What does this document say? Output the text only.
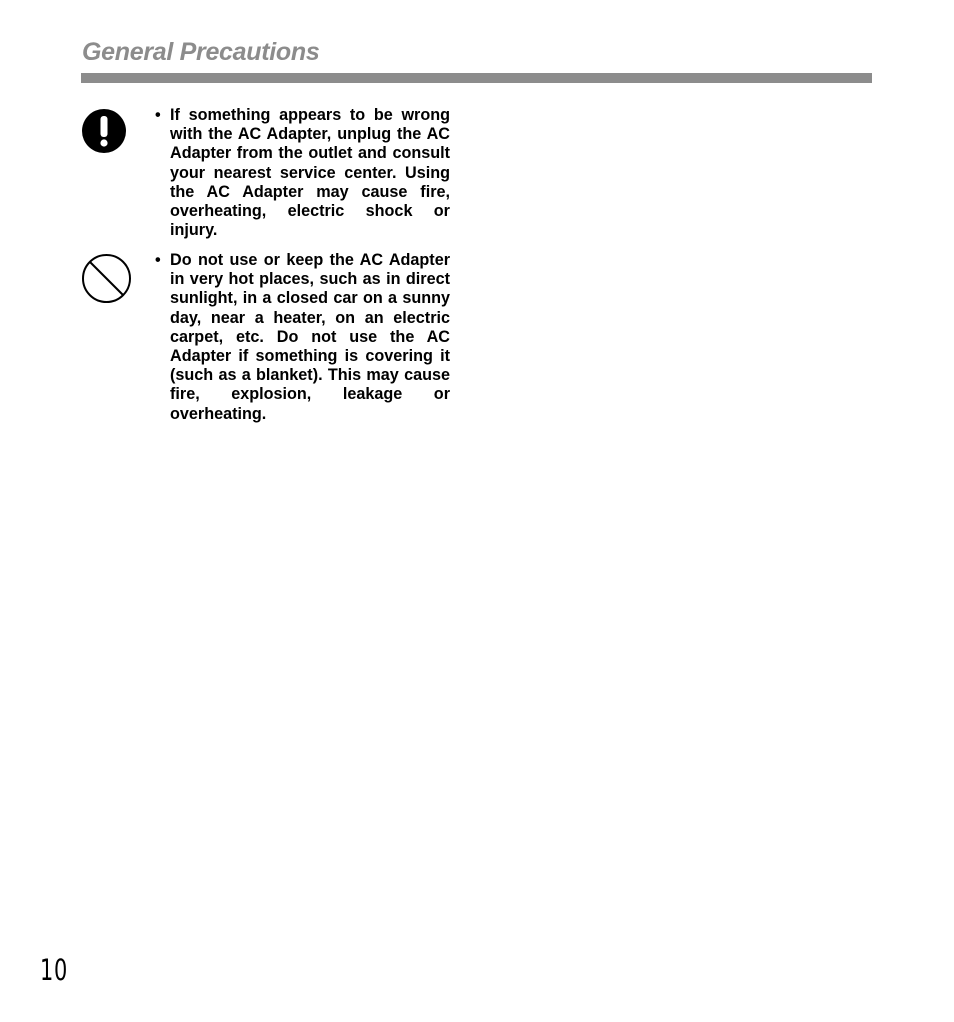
General Precautions
• If something appears to be wrong with the AC Adapter, unplug the AC Adapter from the outlet and consult your nearest service center. Using the AC Adapter may cause fire, overheating, electric shock or injury.
• Do not use or keep the AC Adapter in very hot places, such as in direct sunlight, in a closed car on a sunny day, near a heater, on an electric carpet, etc. Do not use the AC Adapter if something is covering it (such as a blanket). This may cause fire, explosion, leakage or overheating.
10
